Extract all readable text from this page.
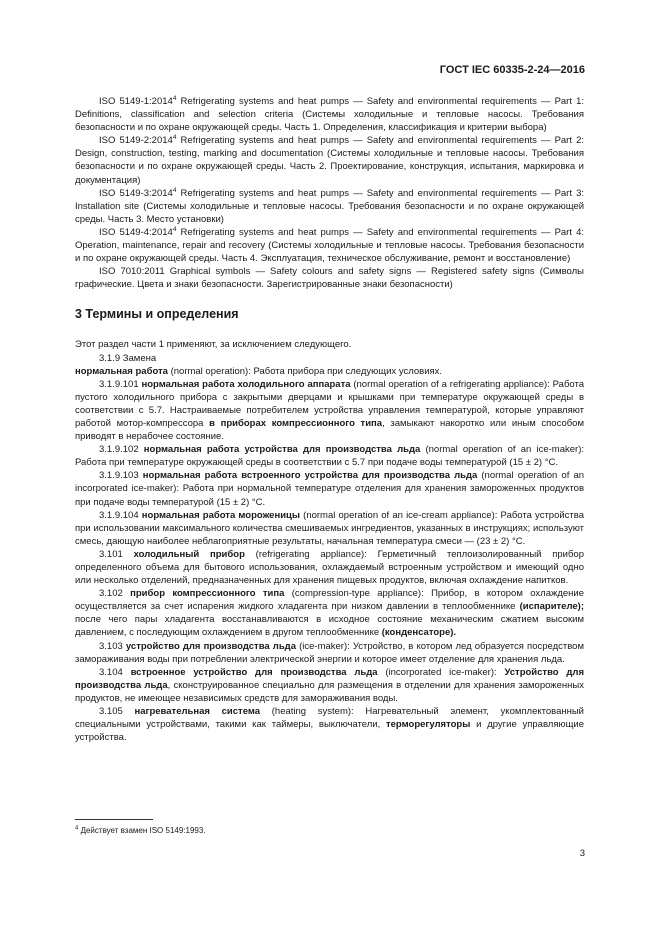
ГОСТ IEC 60335-2-24—2016

ISO 5149-1:2014$^4$ Refrigerating systems and heat pumps — Safety and environmental requirements — Part 1: Definitions, classification and selection criteria (Системы холодильные и тепловые насосы. Требования безопасности и по охране окружающей среды. Часть 1. Определения, классификация и критерии выбора)

ISO 5149-2:2014$^4$ Refrigerating systems and heat pumps — Safety and environmental requirements — Part 2: Design, construction, testing, marking and documentation (Системы холодильные и тепловые насосы. Требования безопасности и по охране окружающей среды. Часть 2. Проектирование, конструкция, испытания, маркировка и документация)

ISO 5149-3:2014$^4$ Refrigerating systems and heat pumps — Safety and environmental requirements — Part 3: Installation site (Системы холодильные и тепловые насосы. Требования безопасности и по охране окружающей среды. Часть 3. Место установки)

ISO 5149-4:2014$^4$ Refrigerating systems and heat pumps — Safety and environmental requirements — Part 4: Operation, maintenance, repair and recovery (Системы холодильные и тепловые насосы. Требования безопасности и по охране окружающей среды. Часть 4. Эксплуатация, техническое обслуживание, ремонт и восстановление)

ISO 7010:2011 Graphical symbols — Safety colours and safety signs — Registered safety signs (Символы графические. Цвета и знаки безопасности. Зарегистрированные знаки безопасности)

3 Термины и определения

Этот раздел части 1 применяют, за исключением следующего.

3.1.9 Замена

нормальная работа (normal operation): Работа прибора при следующих условиях.

3.1.9.101 нормальная работа холодильного аппарата (normal operation of a refrigerating appliance): Работа пустого холодильного прибора с закрытыми дверцами и крышками при температуре окружающей среды в соответствии с 5.7. Настраиваемые потребителем устройства управления температурой, которые управляют работой мотор-компрессора в приборах компрессионного типа, замыкают накоротко или иным способом приводят в нерабочее состояние.

3.1.9.102 нормальная работа устройства для производства льда (normal operation of an ice-maker): Работа при температуре окружающей среды в соответствии с 5.7 при подаче воды температурой (15 ± 2) °С.

3.1.9.103 нормальная работа встроенного устройства для производства льда (normal operation of an incorporated ice-maker): Работа при нормальной температуре отделения для хранения замороженных продуктов при подаче воды температурой (15 ± 2) °С.

3.1.9.104 нормальная работа мороженицы (normal operation of an ice-cream appliance): Работа устройства при использовании максимального количества смешиваемых ингредиентов, указанных в инструкциях; используют смесь, дающую наиболее неблагоприятные результаты, начальная температура смеси — (23 ± 2) °С.

3.101 холодильный прибор (refrigerating appliance): Герметичный теплоизолированный прибор определенного объема для бытового использования, охлаждаемый встроенным устройством и имеющий одно или несколько отделений, предназначенных для хранения пищевых продуктов, включая охлаждение напитков.

3.102 прибор компрессионного типа (compression-type appliance): Прибор, в котором охлаждение осуществляется за счет испарения жидкого хладагента при низком давлении в теплообменнике (испарителе); после чего пары хладагента восстанавливаются в исходное состояние механическим сжатием высоким давлением, с последующим охлаждением в другом теплообменнике (конденсаторе).

3.103 устройство для производства льда (ice-maker): Устройство, в котором лед образуется посредством замораживания воды при потреблении электрической энергии и которое имеет отделение для хранения льда.

3.104 встроенное устройство для производства льда (incorporated ice-maker): Устройство для производства льда, сконструированное специально для размещения в отделении для хранения замороженных продуктов, не имеющее независимых средств для замораживания воды.

3.105 нагревательная система (heating system): Нагревательный элемент, укомплектованный специальными устройствами, такими как таймеры, выключатели, терморегуляторы и другие управляющие устройства.

$^4$ Действует взамен ISO 5149:1993.
3
